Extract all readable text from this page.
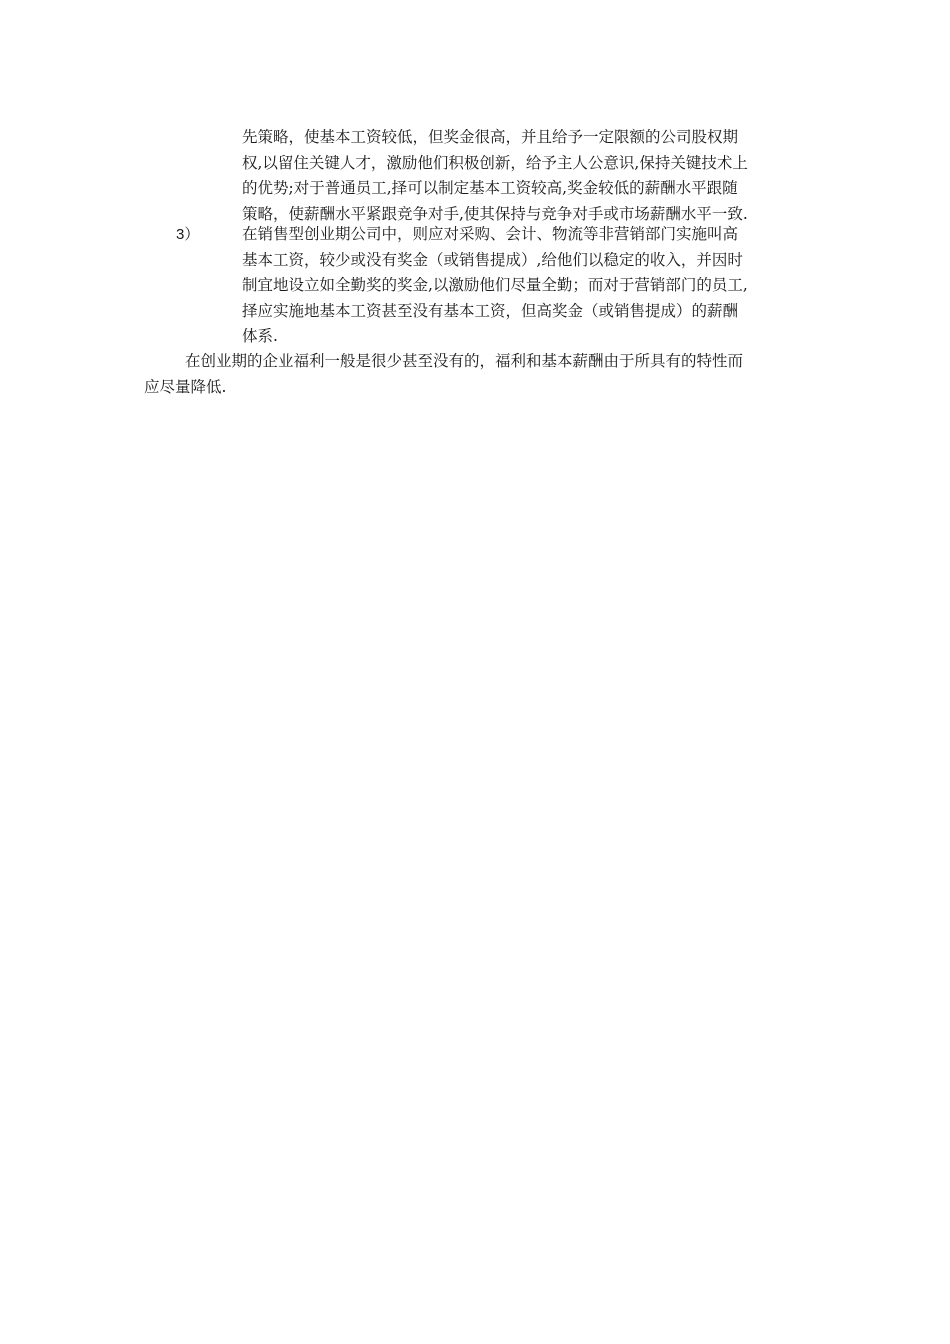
先策略，使基本工资较低，但奖金很高，并且给予一定限额的公司股权期
权,以留住关键人才，激励他们积极创新，给予主人公意识,保持关键技术上
的优势;对于普通员工,择可以制定基本工资较高,奖金较低的薪酬水平跟随
策略，使薪酬水平紧跟竞争对手,使其保持与竞争对手或市场薪酬水平一致.
3）	在销售型创业期公司中，则应对采购、会计、物流等非营销部门实施叫高
基本工资，较少或没有奖金（或销售提成）,给他们以稳定的收入，并因时
制宜地设立如全勤奖的奖金,以激励他们尽量全勤；而对于营销部门的员工,
择应实施地基本工资甚至没有基本工资，但高奖金（或销售提成）的薪酬
体系.
在创业期的企业福利一般是很少甚至没有的，福利和基本薪酬由于所具有的特性而
应尽量降低.
